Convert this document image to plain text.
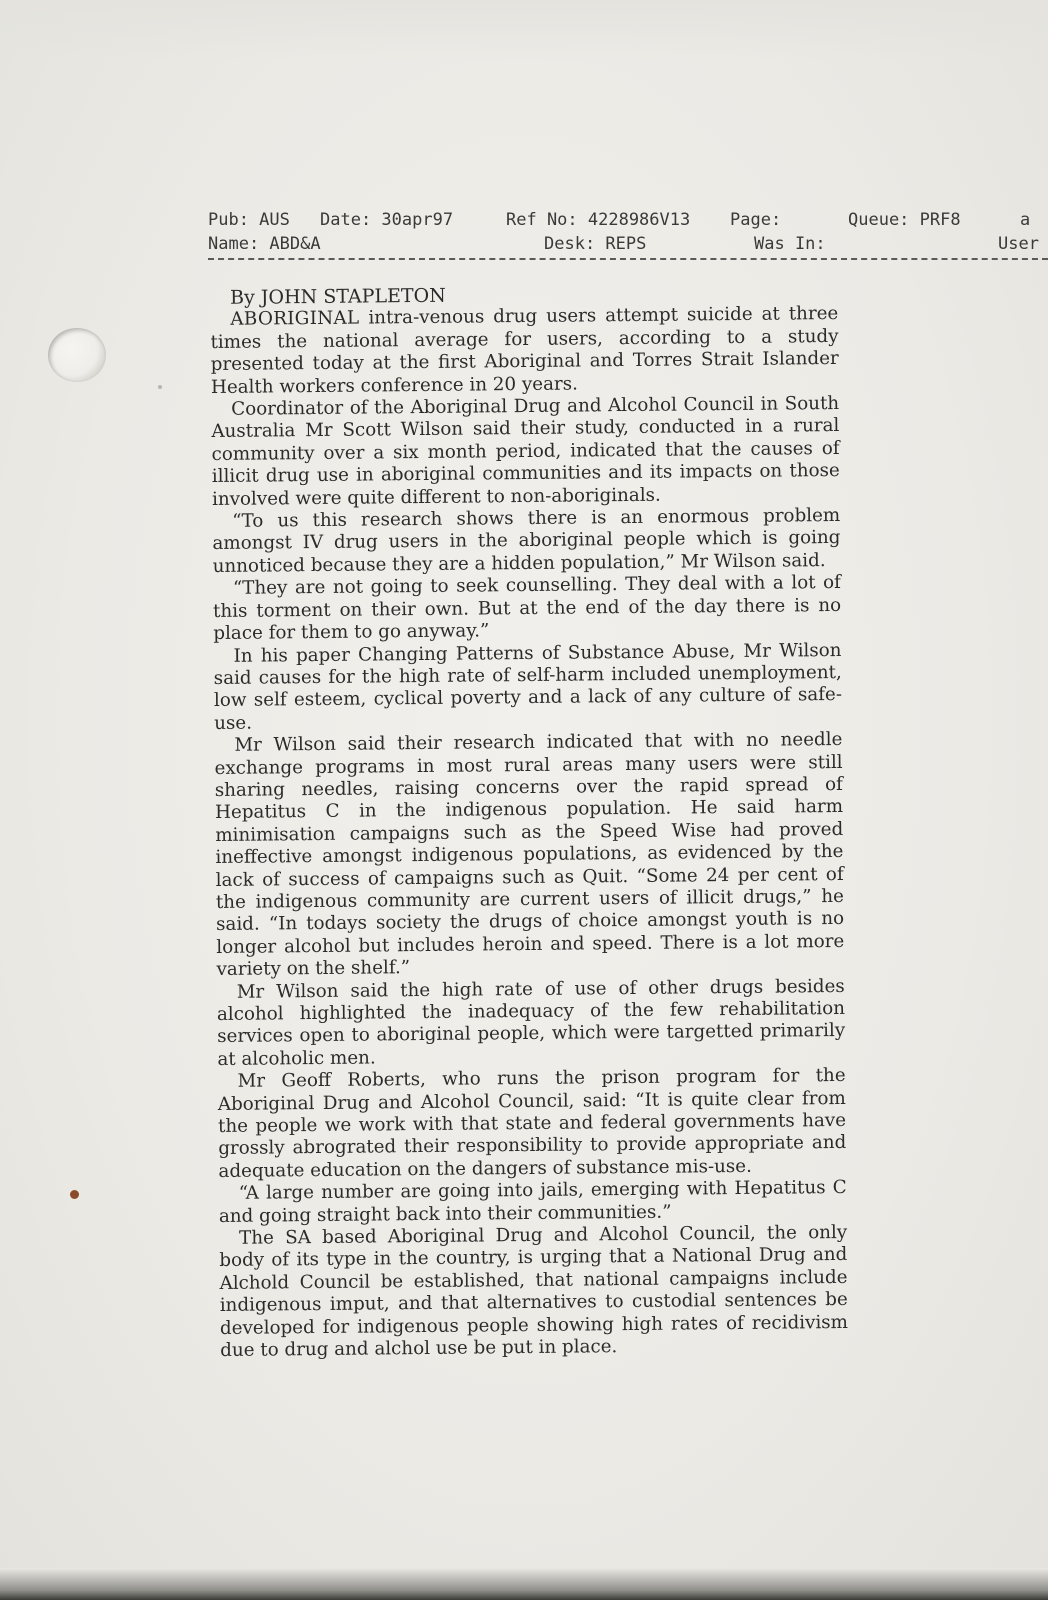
Pub: AUS Date: 30apr97	Ref No: 4228986V13 Page:	Queue: PRF8	a
Name: ABD&A	Desk: REPS	Was In:	User
By JOHN STAPLETON

ABORIGINAL intra-venous drug users attempt suicide at three times the national average for users, according to a study presented today at the first Aboriginal and Torres Strait Islander Health workers conference in 20 years.

Coordinator of the Aboriginal Drug and Alcohol Council in South Australia Mr Scott Wilson said their study, conducted in a rural community over a six month period, indicated that the causes of illicit drug use in aboriginal communities and its impacts on those involved were quite different to non-aboriginals.

“To us this research shows there is an enormous problem amongst IV drug users in the aboriginal people which is going unnoticed because they are a hidden population,” Mr Wilson said.

“They are not going to seek counselling. They deal with a lot of this torment on their own. But at the end of the day there is no place for them to go anyway.”

In his paper Changing Patterns of Substance Abuse, Mr Wilson said causes for the high rate of self-harm included unemployment, low self esteem, cyclical poverty and a lack of any culture of safe-use.

Mr Wilson said their research indicated that with no needle exchange programs in most rural areas many users were still sharing needles, raising concerns over the rapid spread of Hepatitus C in the indigenous population. He said harm minimisation campaigns such as the Speed Wise had proved ineffective amongst indigenous populations, as evidenced by the lack of success of campaigns such as Quit. “Some 24 per cent of the indigenous community are current users of illicit drugs,” he said. “In todays society the drugs of choice amongst youth is no longer alcohol but includes heroin and speed. There is a lot more variety on the shelf.”

Mr Wilson said the high rate of use of other drugs besides alcohol highlighted the inadequacy of the few rehabilitation services open to aboriginal people, which were targetted primarily at alcoholic men.

Mr Geoff Roberts, who runs the prison program for the Aboriginal Drug and Alcohol Council, said: “It is quite clear from the people we work with that state and federal governments have grossly abrograted their responsibility to provide appropriate and adequate education on the dangers of substance mis-use.

“A large number are going into jails, emerging with Hepatitus C and going straight back into their communities.”

The SA based Aboriginal Drug and Alcohol Council, the only body of its type in the country, is urging that a National Drug and Alchold Council be established, that national campaigns include indigenous imput, and that alternatives to custodial sentences be developed for indigenous people showing high rates of recidivism due to drug and alchol use be put in place.
